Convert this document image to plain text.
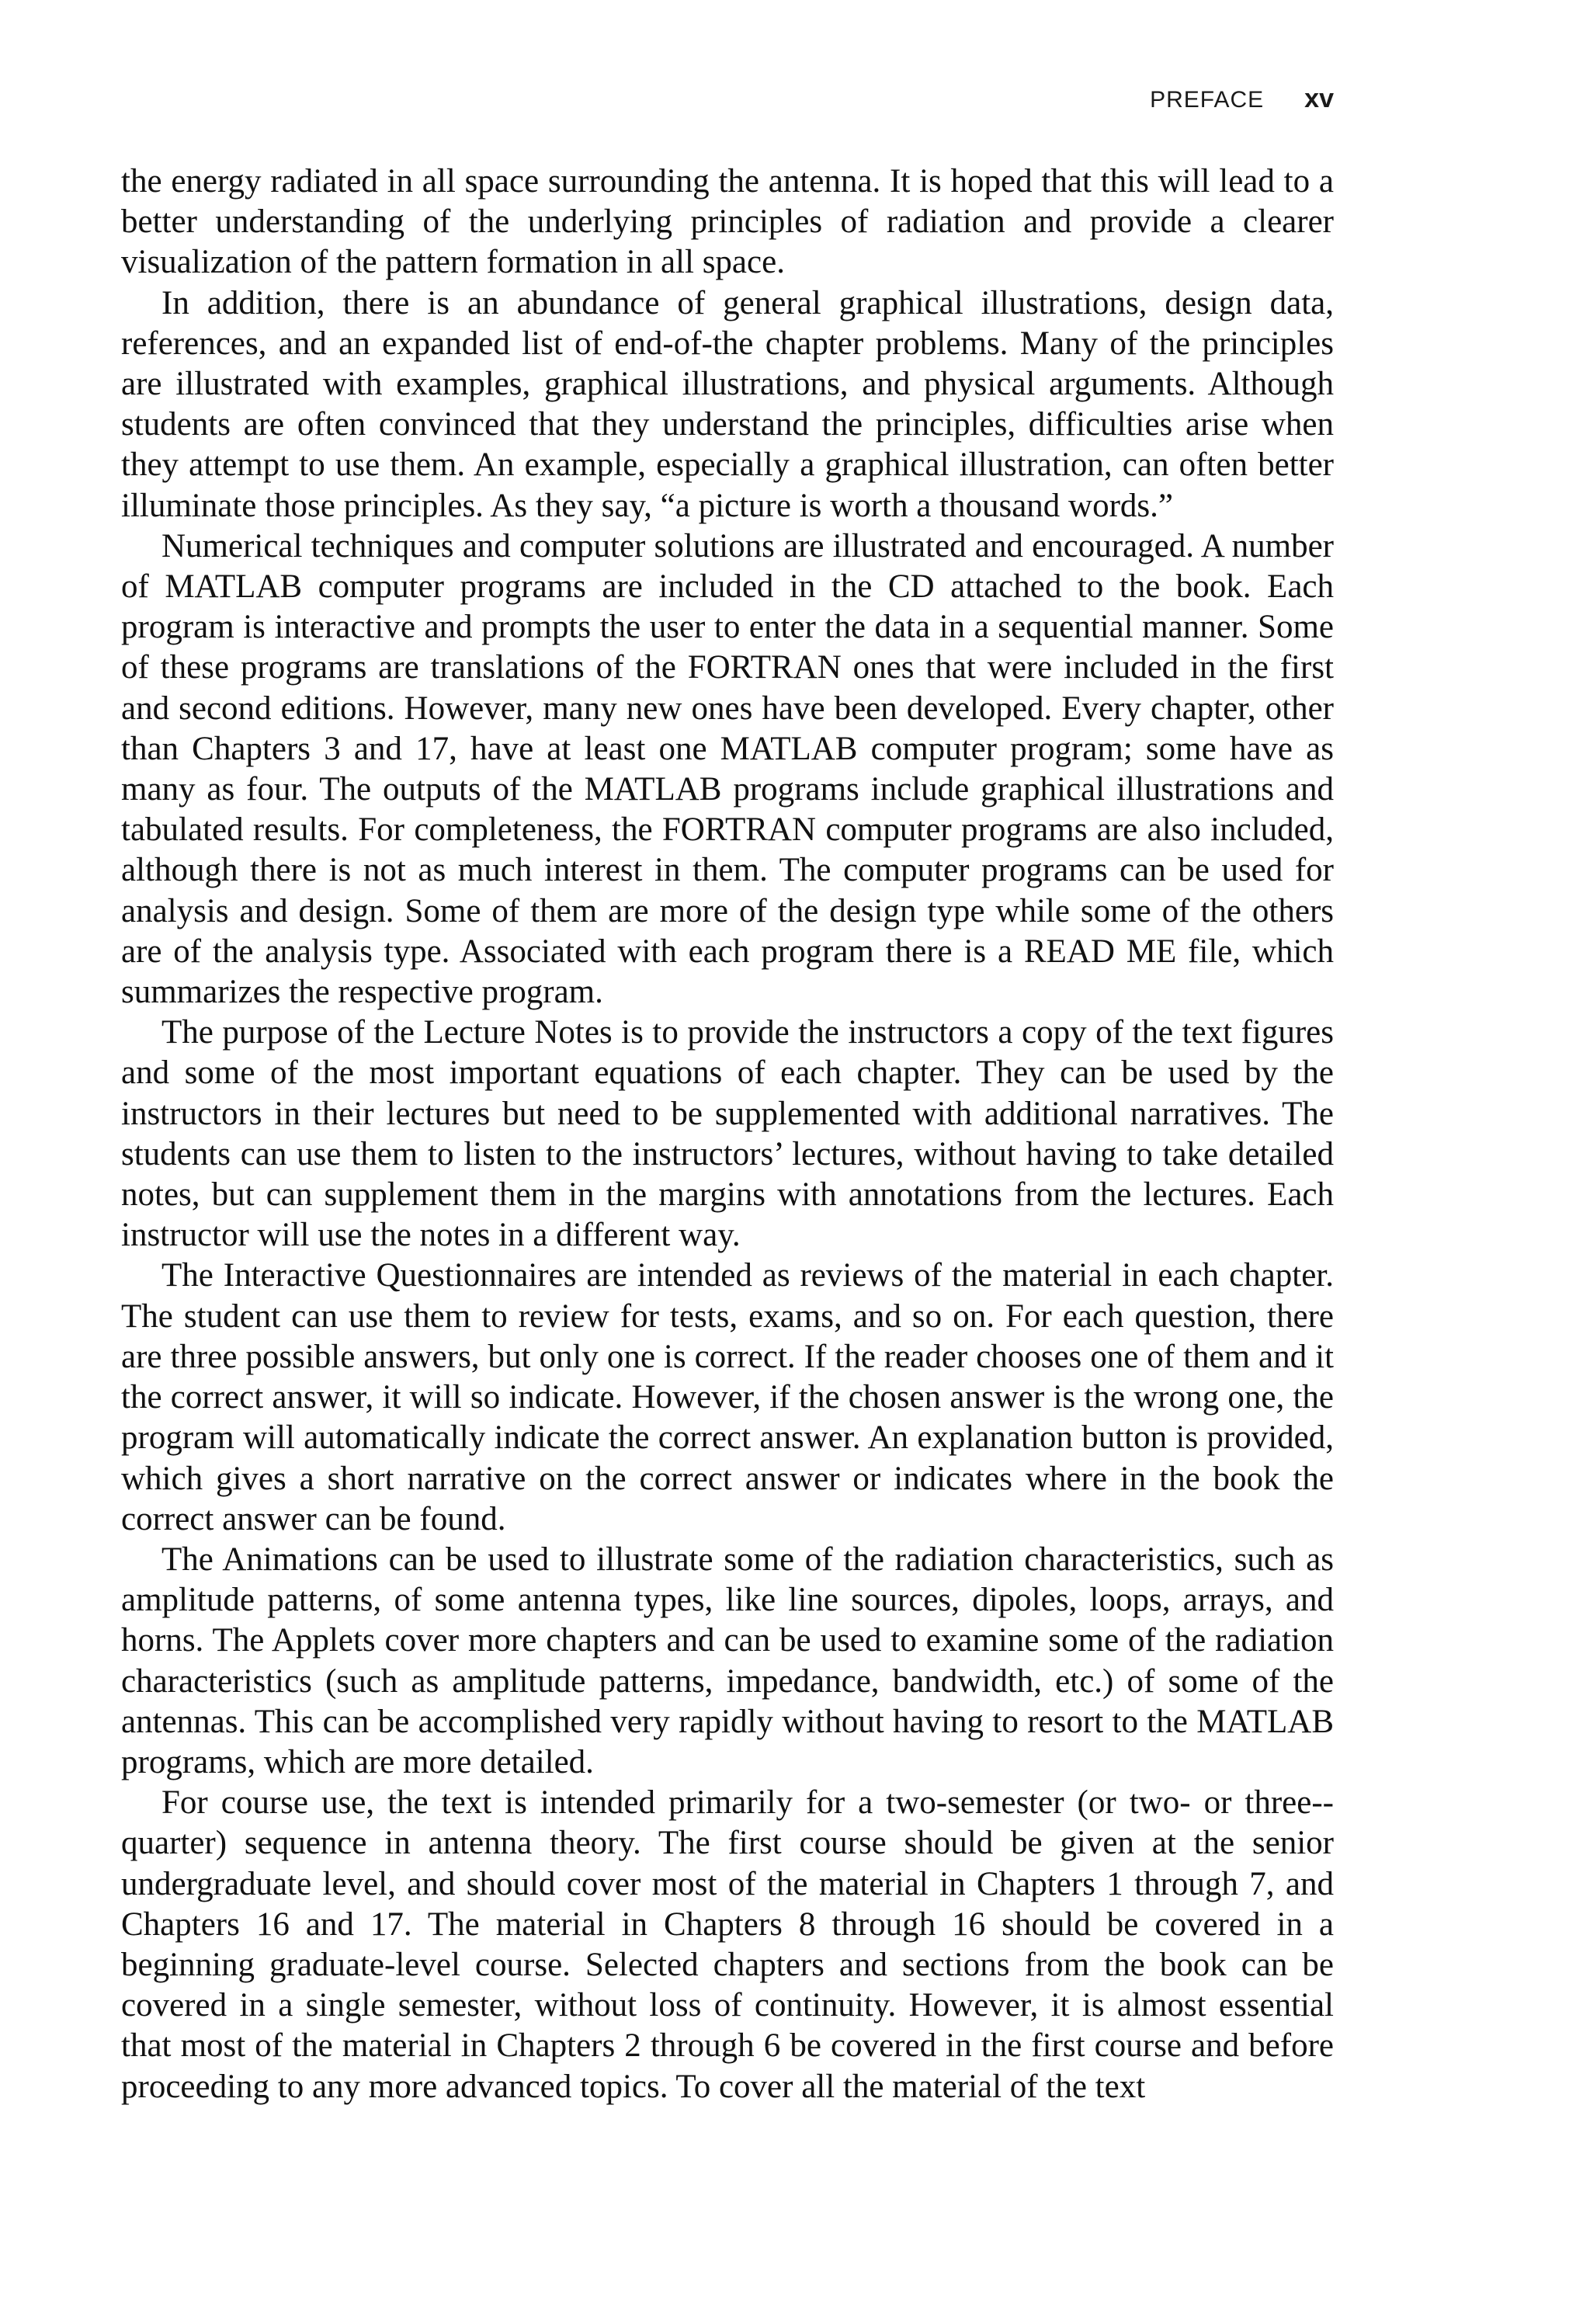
PREFACE xv

the energy radiated in all space surrounding the antenna. It is hoped that this will lead to a better understanding of the underlying principles of radiation and provide a clearer visualization of the pattern formation in all space.

In addition, there is an abundance of general graphical illustrations, design data, references, and an expanded list of end-of-the chapter problems. Many of the principles are illustrated with examples, graphical illustrations, and physical arguments. Although students are often convinced that they understand the principles, difficulties arise when they attempt to use them. An example, especially a graphical illustration, can often better illuminate those principles. As they say, “a picture is worth a thousand words.”

Numerical techniques and computer solutions are illustrated and encouraged. A number of MATLAB computer programs are included in the CD attached to the book. Each program is interactive and prompts the user to enter the data in a sequential manner. Some of these programs are translations of the FORTRAN ones that were included in the first and second editions. However, many new ones have been developed. Every chapter, other than Chapters 3 and 17, have at least one MATLAB computer program; some have as many as four. The outputs of the MATLAB programs include graphical illustrations and tabulated results. For completeness, the FORTRAN computer programs are also included, although there is not as much interest in them. The computer programs can be used for analysis and design. Some of them are more of the design type while some of the others are of the analysis type. Associated with each program there is a READ ME file, which summarizes the respective program.

The purpose of the Lecture Notes is to provide the instructors a copy of the text figures and some of the most important equations of each chapter. They can be used by the instructors in their lectures but need to be supplemented with additional narratives. The students can use them to listen to the instructors’ lectures, without having to take detailed notes, but can supplement them in the margins with annotations from the lectures. Each instructor will use the notes in a different way.

The Interactive Questionnaires are intended as reviews of the material in each chapter. The student can use them to review for tests, exams, and so on. For each question, there are three possible answers, but only one is correct. If the reader chooses one of them and it the correct answer, it will so indicate. However, if the chosen answer is the wrong one, the program will automatically indicate the correct answer. An explanation button is provided, which gives a short narrative on the correct answer or indicates where in the book the correct answer can be found.

The Animations can be used to illustrate some of the radiation characteristics, such as amplitude patterns, of some antenna types, like line sources, dipoles, loops, arrays, and horns. The Applets cover more chapters and can be used to examine some of the radiation characteristics (such as amplitude patterns, impedance, bandwidth, etc.) of some of the antennas. This can be accomplished very rapidly without having to resort to the MATLAB programs, which are more detailed.

For course use, the text is intended primarily for a two-semester (or two- or three-quarter) sequence in antenna theory. The first course should be given at the senior undergraduate level, and should cover most of the material in Chapters 1 through 7, and Chapters 16 and 17. The material in Chapters 8 through 16 should be covered in a beginning graduate-level course. Selected chapters and sections from the book can be covered in a single semester, without loss of continuity. However, it is almost essential that most of the material in Chapters 2 through 6 be covered in the first course and before proceeding to any more advanced topics. To cover all the material of the text
